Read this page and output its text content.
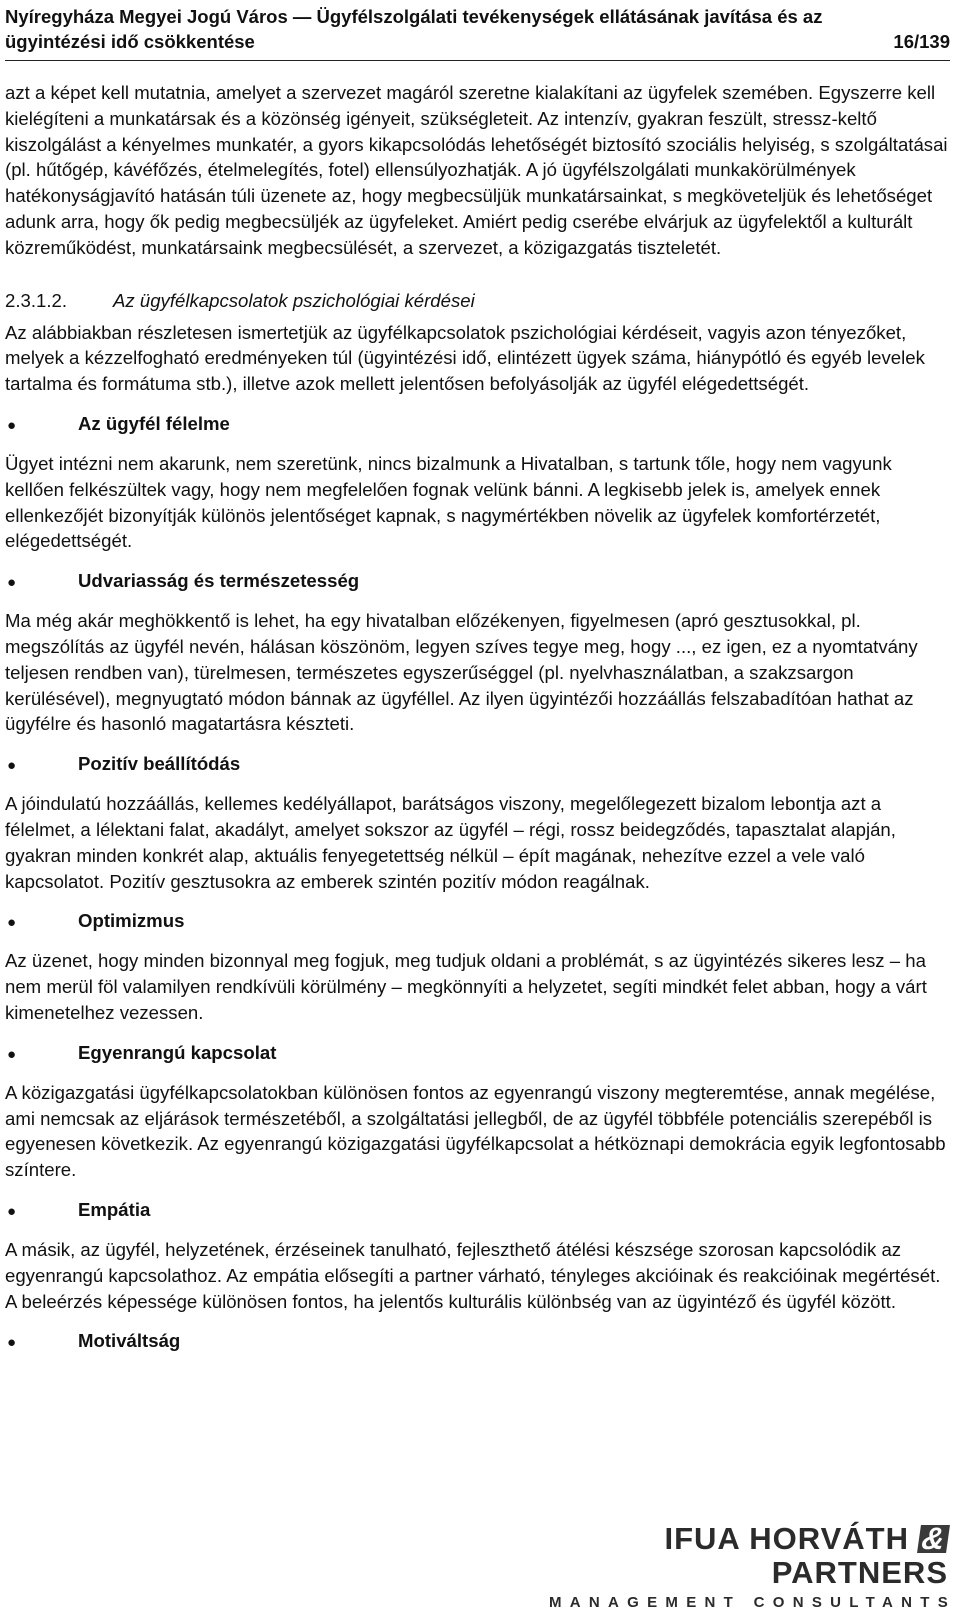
Nyíregyháza Megyei Jogú Város — Ügyfélszolgálati tevékenységek ellátásának javítása és az
ügyintézési idő csökkentése	16/139

azt a képet kell mutatnia, amelyet a szervezet magáról szeretne kialakítani az ügyfelek szemében. Egyszerre kell kielégíteni a munkatársak és a közönség igényeit, szükségleteit. Az intenzív, gyakran feszült, stressz-keltő kiszolgálást a kényelmes munkatér, a gyors kikapcsolódás lehetőségét biztosító szociális helyiség, s szolgáltatásai (pl. hűtőgép, kávéfőzés, ételmelegítés, fotel) ellensúlyozhatják. A jó ügyfélszolgálati munkakörülmények hatékonyságjavító hatásán túli üzenete az, hogy megbecsüljük munkatársainkat, s megköveteljük és lehetőséget adunk arra, hogy ők pedig megbecsüljék az ügyfeleket. Amiért pedig cserébe elvárjuk az ügyfelektől a kulturált közreműködést, munkatársaink megbecsülését, a szervezet, a közigazgatás tiszteletét.

2.3.1.2.	Az ügyfélkapcsolatok pszichológiai kérdései

Az alábbiakban részletesen ismertetjük az ügyfélkapcsolatok pszichológiai kérdéseit, vagyis azon tényezőket, melyek a kézzelfogható eredményeken túl (ügyintézési idő, elintézett ügyek száma, hiánypótló és egyéb levelek tartalma és formátuma stb.), illetve azok mellett jelentősen befolyásolják az ügyfél elégedettségét.

●	Az ügyfél félelme

Ügyet intézni nem akarunk, nem szeretünk, nincs bizalmunk a Hivatalban, s tartunk tőle, hogy nem vagyunk kellően felkészültek vagy, hogy nem megfelelően fognak velünk bánni. A legkisebb jelek is, amelyek ennek ellenkezőjét bizonyítják különös jelentőséget kapnak, s nagymértékben növelik az ügyfelek komfortérzetét, elégedettségét.

●	Udvariasság és természetesség

Ma még akár meghökkentő is lehet, ha egy hivatalban előzékenyen, figyelmesen (apró gesztusokkal, pl. megszólítás az ügyfél nevén, hálásan köszönöm, legyen szíves tegye meg, hogy ..., ez igen, ez a nyomtatvány teljesen rendben van), türelmesen, természetes egyszerűséggel (pl. nyelvhasználatban, a szakzsargon kerülésével), megnyugtató módon bánnak az ügyféllel. Az ilyen ügyintézői hozzáállás felszabadítóan hathat az ügyfélre és hasonló magatartásra készteti.

●	Pozitív beállítódás

A jóindulatú hozzáállás, kellemes kedélyállapot, barátságos viszony, megelőlegezett bizalom lebontja azt a félelmet, a lélektani falat, akadályt, amelyet sokszor az ügyfél – régi, rossz beidegződés, tapasztalat alapján, gyakran minden konkrét alap, aktuális fenyegetettség nélkül – épít magának, nehezítve ezzel a vele való kapcsolatot. Pozitív gesztusokra az emberek szintén pozitív módon reagálnak.

●	Optimizmus

Az üzenet, hogy minden bizonnyal meg fogjuk, meg tudjuk oldani a problémát, s az ügyintézés sikeres lesz – ha nem merül föl valamilyen rendkívüli körülmény – megkönnyíti a helyzetet, segíti mindkét felet abban, hogy a várt kimenetelhez vezessen.

●	Egyenrangú kapcsolat

A közigazgatási ügyfélkapcsolatokban különösen fontos az egyenrangú viszony megteremtése, annak megélése, ami nemcsak az eljárások természetéből, a szolgáltatási jellegből, de az ügyfél többféle potenciális szerepéből is egyenesen következik. Az egyenrangú közigazgatási ügyfélkapcsolat a hétköznapi demokrácia egyik legfontosabb színtere.

●	Empátia

A másik, az ügyfél, helyzetének, érzéseinek tanulható, fejleszthető átélési készsége szorosan kapcsolódik az egyenrangú kapcsolathoz. Az empátia elősegíti a partner várható, tényleges akcióinak és reakcióinak megértését. A beleérzés képessége különösen fontos, ha jelentős kulturális különbség van az ügyintéző és ügyfél között.

●	Motiváltság
IFUA HORVÁTH & PARTNERS
MANAGEMENT CONSULTANTS
